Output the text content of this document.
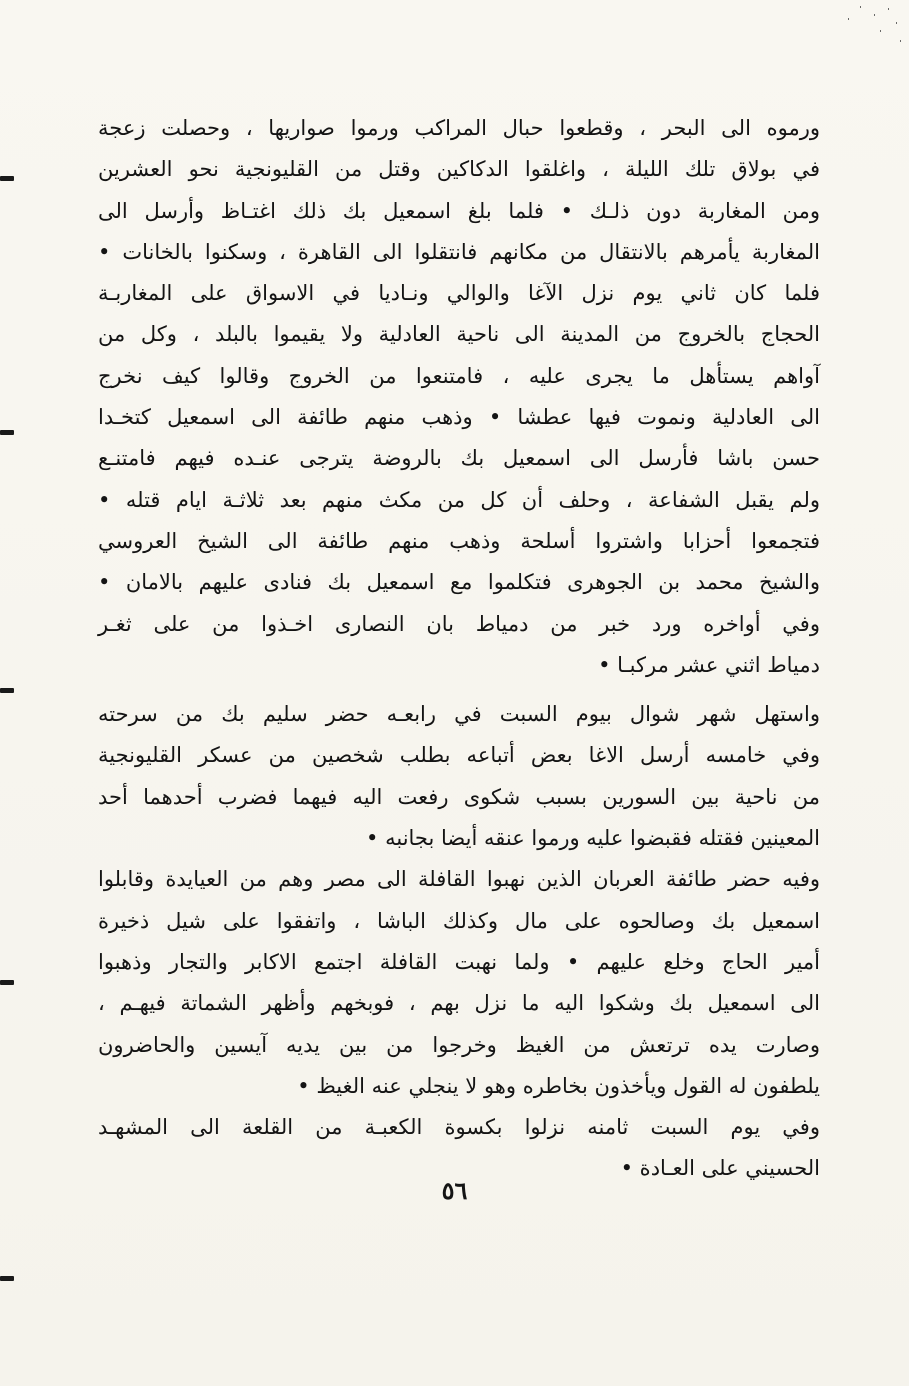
ورموه الى البحر ، وقطعوا حبال المراكب ورموا صواريها ، وحصلت زعجة
في بولاق تلك الليلة ، واغلقوا الدكاكين وقتل من القليونجية نحو العشرين
ومن المغاربة دون ذلـك • فلما بلغ اسمعيل بك ذلك اغتـاظ وأرسل الى
المغاربة يأمرهم بالانتقال من مكانهم فانتقلوا الى القاهرة ، وسكنوا بالخانات •
فلما كان ثاني يوم نزل الآغا والوالي ونـاديا في الاسواق على المغاربـة
الحجاج بالخروج من المدينة الى ناحية العادلية ولا يقيموا بالبلد ، وكل من
آواهم يستأهل ما يجرى عليه ، فامتنعوا من الخروج وقالوا كيف نخرج
الى العادلية ونموت فيها عطشا • وذهب منهم طائفة الى اسمعيل كتخـدا
حسن باشا فأرسل الى اسمعيل بك بالروضة يترجى عنـده فيهم فامتنـع
ولم يقبل الشفاعة ، وحلف أن كل من مكث منهم بعد ثلاثـة ايام قتله •
فتجمعوا أحزابا واشتروا أسلحة وذهب منهم طائفة الى الشيخ العروسي
والشيخ محمد بن الجوهرى فتكلموا مع اسمعيل بك فنادى عليهم بالامان •
وفي أواخره ورد خبر من دمياط بان النصارى اخـذوا من على ثغـر
دمياط اثني عشر مركبـا •
واستهل شهر شوال بيوم السبت في رابعـه حضر سليم بك من سرحته
وفي خامسه أرسل الاغا بعض أتباعه بطلب شخصين من عسكر القليونجية
من ناحية بين السورين بسبب شكوى رفعت اليه فيهما فضرب أحدهما أحد
المعينين فقتله فقبضوا عليه ورموا عنقه أيضا بجانبه •
وفيه حضر طائفة العربان الذين نهبوا القافلة الى مصر وهم من العيايدة وقابلوا
اسمعيل بك وصالحوه على مال وكذلك الباشا ، واتفقوا على شيل ذخيرة
أمير الحاج وخلع عليهم • ولما نهبت القافلة اجتمع الاكابر والتجار وذهبوا
الى اسمعيل بك وشكوا اليه ما نزل بهم ، فوبخهم وأظهر الشماتة فيهـم ،
وصارت يده ترتعش من الغيظ وخرجوا من بين يديه آيسين والحاضرون
يلطفون له القول ويأخذون بخاطره وهو لا ينجلي عنه الغيظ •
وفي يوم السبت ثامنه نزلوا بكسوة الكعبـة من القلعة الى المشهـد
الحسيني على العـادة •
٥٦
